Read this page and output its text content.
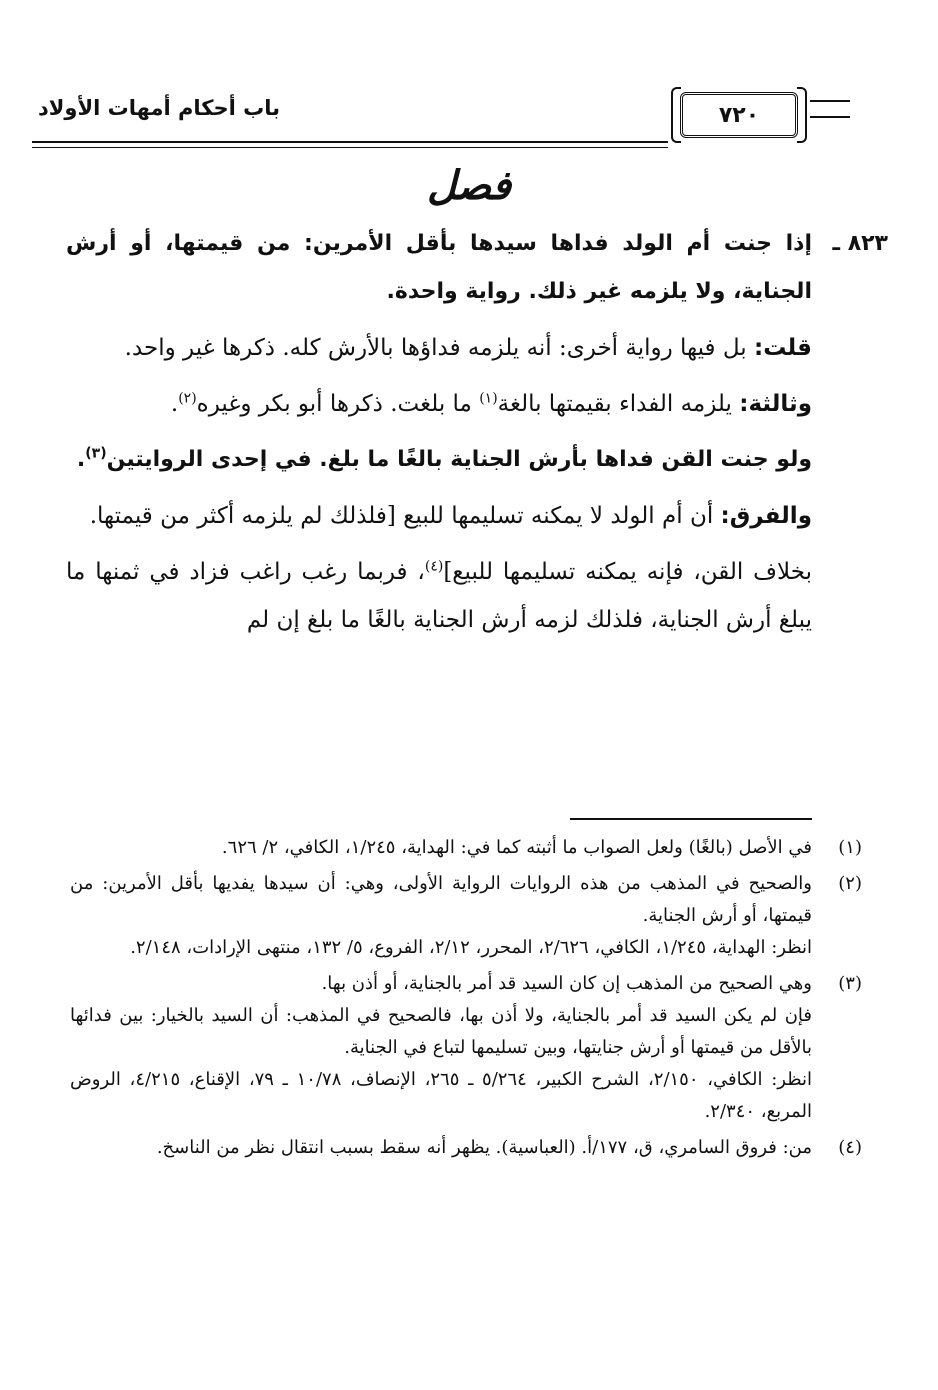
باب أحكام أمهات الأولاد	٧٢٠
فصل

٨٢٣ ـ
إذا جنت أم الولد فداها سيدها بأقل الأمرين: من قيمتها، أو أرش الجناية، ولا يلزمه غير ذلك. رواية واحدة.

قلت: بل فيها رواية أخرى: أنه يلزمه فداؤها بالأرش كله. ذكرها غير واحد.

وثالثة: يلزمه الفداء بقيمتها بالغة$^{(١)}$ ما بلغت. ذكرها أبو بكر وغيره$^{(٢)}$.

ولو جنت القن فداها بأرش الجناية بالغًا ما بلغ. في إحدى الروايتين$^{(٣)}$.

والفرق: أن أم الولد لا يمكنه تسليمها للبيع [فلذلك لم يلزمه أكثر من قيمتها.

بخلاف القن، فإنه يمكنه تسليمها للبيع]$^{(٤)}$، فربما رغب راغب فزاد في ثمنها ما يبلغ أرش الجناية، فلذلك لزمه أرش الجناية بالغًا ما بلغ إن لم

(١)
في الأصل (بالغًا) ولعل الصواب ما أثبته كما في: الهداية، ١/٢٤٥، الكافي، ٢/ ٦٢٦.
(٢)
والصحيح في المذهب من هذه الروايات الرواية الأولى، وهي: أن سيدها يفديها بأقل الأمرين: من قيمتها، أو أرش الجناية.
انظر: الهداية، ١/٢٤٥، الكافي، ٢/٦٢٦، المحرر، ٢/١٢، الفروع، ٥/ ١٣٢، منتهى الإرادات، ٢/١٤٨.
(٣)
وهي الصحيح من المذهب إن كان السيد قد أمر بالجناية، أو أذن بها.
فإن لم يكن السيد قد أمر بالجناية، ولا أذن بها، فالصحيح في المذهب: أن السيد بالخيار: بين فدائها بالأقل من قيمتها أو أرش جنايتها، وبين تسليمها لتباع في الجناية.
انظر: الكافي، ٢/١٥٠، الشرح الكبير، ٥/٢٦٤ ـ ٢٦٥، الإنصاف، ١٠/٧٨ ـ ٧٩، الإقناع، ٤/٢١٥، الروض المربع، ٢/٣٤٠.
(٤)
من: فروق السامري، ق، ١٧٧/أ. (العباسية). يظهر أنه سقط بسبب انتقال نظر من الناسخ.
